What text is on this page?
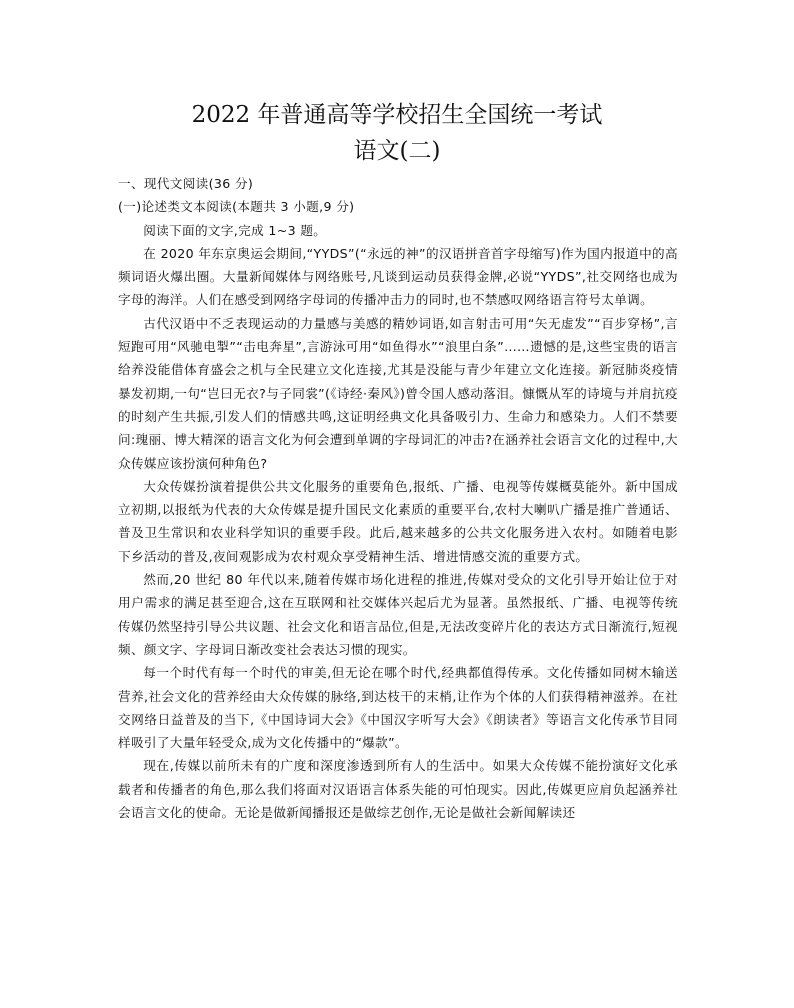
2022 年普通高等学校招生全国统一考试
语文(二)

一、现代文阅读(36 分)

(一)论述类文本阅读(本题共 3 小题,9 分)

阅读下面的文字,完成 1~3 题。

在 2020 年东京奥运会期间,“YYDS”(“永远的神”的汉语拼音首字母缩写)作为国内报道中的高频词语火爆出圈。大量新闻媒体与网络账号,凡谈到运动员获得金牌,必说“YYDS”,社交网络也成为字母的海洋。人们在感受到网络字母词的传播冲击力的同时,也不禁感叹网络语言符号太单调。

古代汉语中不乏表现运动的力量感与美感的精妙词语,如言射击可用“矢无虚发”“百步穿杨”,言短跑可用“风驰电掣”“击电奔星”,言游泳可用“如鱼得水”“浪里白条”……遗憾的是,这些宝贵的语言给养没能借体育盛会之机与全民建立文化连接,尤其是没能与青少年建立文化连接。新冠肺炎疫情暴发初期,一句“岂曰无衣?与子同裳”(《诗经·秦风》)曾令国人感动落泪。慷慨从军的诗境与并肩抗疫的时刻产生共振,引发人们的情感共鸣,这证明经典文化具备吸引力、生命力和感染力。人们不禁要问:瑰丽、博大精深的语言文化为何会遭到单调的字母词汇的冲击?在涵养社会语言文化的过程中,大众传媒应该扮演何种角色?

大众传媒扮演着提供公共文化服务的重要角色,报纸、广播、电视等传媒概莫能外。新中国成立初期,以报纸为代表的大众传媒是提升国民文化素质的重要平台,农村大喇叭广播是推广普通话、普及卫生常识和农业科学知识的重要手段。此后,越来越多的公共文化服务进入农村。如随着电影下乡活动的普及,夜间观影成为农村观众享受精神生活、增进情感交流的重要方式。

然而,20 世纪 80 年代以来,随着传媒市场化进程的推进,传媒对受众的文化引导开始让位于对用户需求的满足甚至迎合,这在互联网和社交媒体兴起后尤为显著。虽然报纸、广播、电视等传统传媒仍然坚持引导公共议题、社会文化和语言品位,但是,无法改变碎片化的表达方式日渐流行,短视频、颜文字、字母词日渐改变社会表达习惯的现实。

每一个时代有每一个时代的审美,但无论在哪个时代,经典都值得传承。文化传播如同树木输送营养,社会文化的营养经由大众传媒的脉络,到达枝干的末梢,让作为个体的人们获得精神滋养。在社交网络日益普及的当下,《中国诗词大会》《中国汉字听写大会》《朗读者》等语言文化传承节目同样吸引了大量年轻受众,成为文化传播中的“爆款”。

现在,传媒以前所未有的广度和深度渗透到所有人的生活中。如果大众传媒不能扮演好文化承载者和传播者的角色,那么我们将面对汉语语言体系失能的可怕现实。因此,传媒更应肩负起涵养社会语言文化的使命。无论是做新闻播报还是做综艺创作,无论是做社会新闻解读还
